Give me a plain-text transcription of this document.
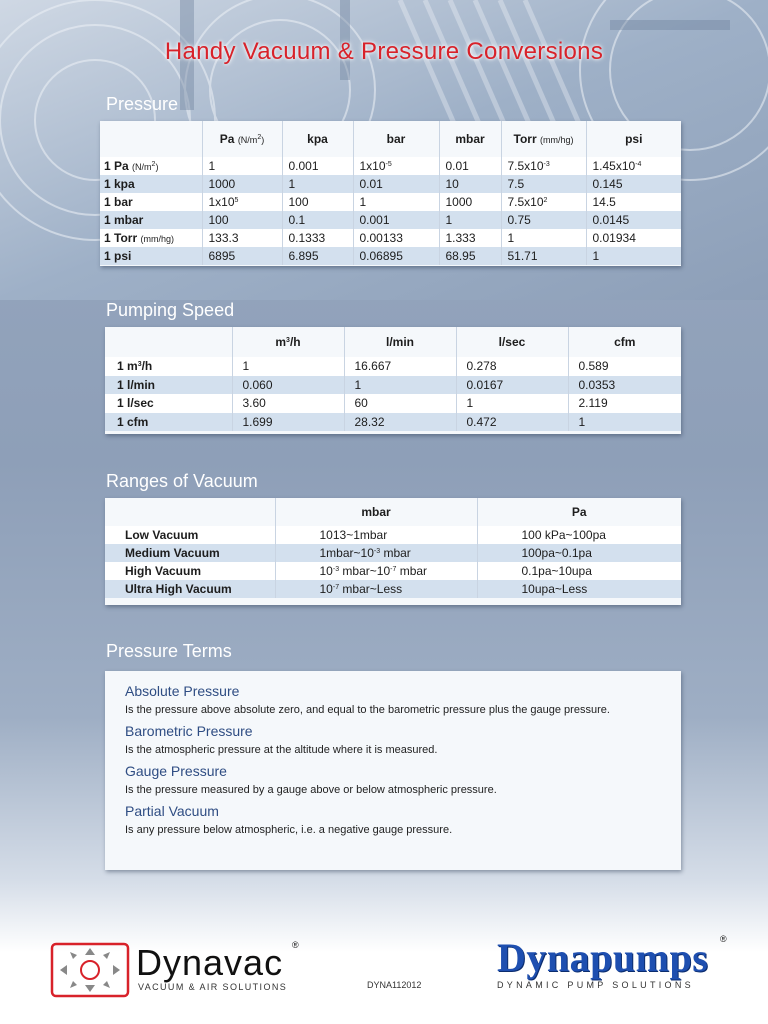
Handy Vacuum & Pressure Conversions
Pressure
	Pa $(N/m^2)$	kpa	bar	mbar	Torr (mm/hg)	psi
1 Pa $(N/m^2)$	1	0.001	$1x10^{-5}$	0.01	$7.5x10^{-3}$	$1.45x10^{-4}$
1 kpa	1000	1	0.01	10	7.5	0.145
1 bar	$1x10^5$	100	1	1000	$7.5x10^2$	14.5
1 mbar	100	0.1	0.001	1	0.75	0.0145
1 Torr (mm/hg)	133.3	0.1333	0.00133	1.333	1	0.01934
1 psi	6895	6.895	0.06895	68.95	51.71	1
Pumping Speed
	$m^3/h$	l/min	l/sec	cfm
1 $m^3/h$	1	16.667	0.278	0.589
1 l/min	0.060	1	0.0167	0.0353
1 l/sec	3.60	60	1	2.119
1 cfm	1.699	28.32	0.472	1
Ranges of Vacuum
	mbar	Pa
Low Vacuum	1013~1mbar	100 kPa~100pa
Medium Vacuum	$1mbar\sim 10^{-3}$ mbar	100pa~0.1pa
High Vacuum	$10^{-3}$ $mbar\sim 10^{-7}$ mbar	0.1pa~10upa
Ultra High Vacuum	$10^{-7}$ mbar~Less	10upa~Less
Pressure Terms
Absolute Pressure

Is the pressure above absolute zero, and equal to the barometric pressure plus the gauge pressure.

Barometric Pressure

Is the atmospheric pressure at the altitude where it is measured.

Gauge Pressure

Is the pressure measured by a gauge above or below atmospheric pressure.

Partial Vacuum

Is any pressure below atmospheric, i.e. a negative gauge pressure.

Dynavac ®
VACUUM & AIR SOLUTIONS	DYNA112012
Dynapumps ®
DYNAMIC PUMP SOLUTIONS
